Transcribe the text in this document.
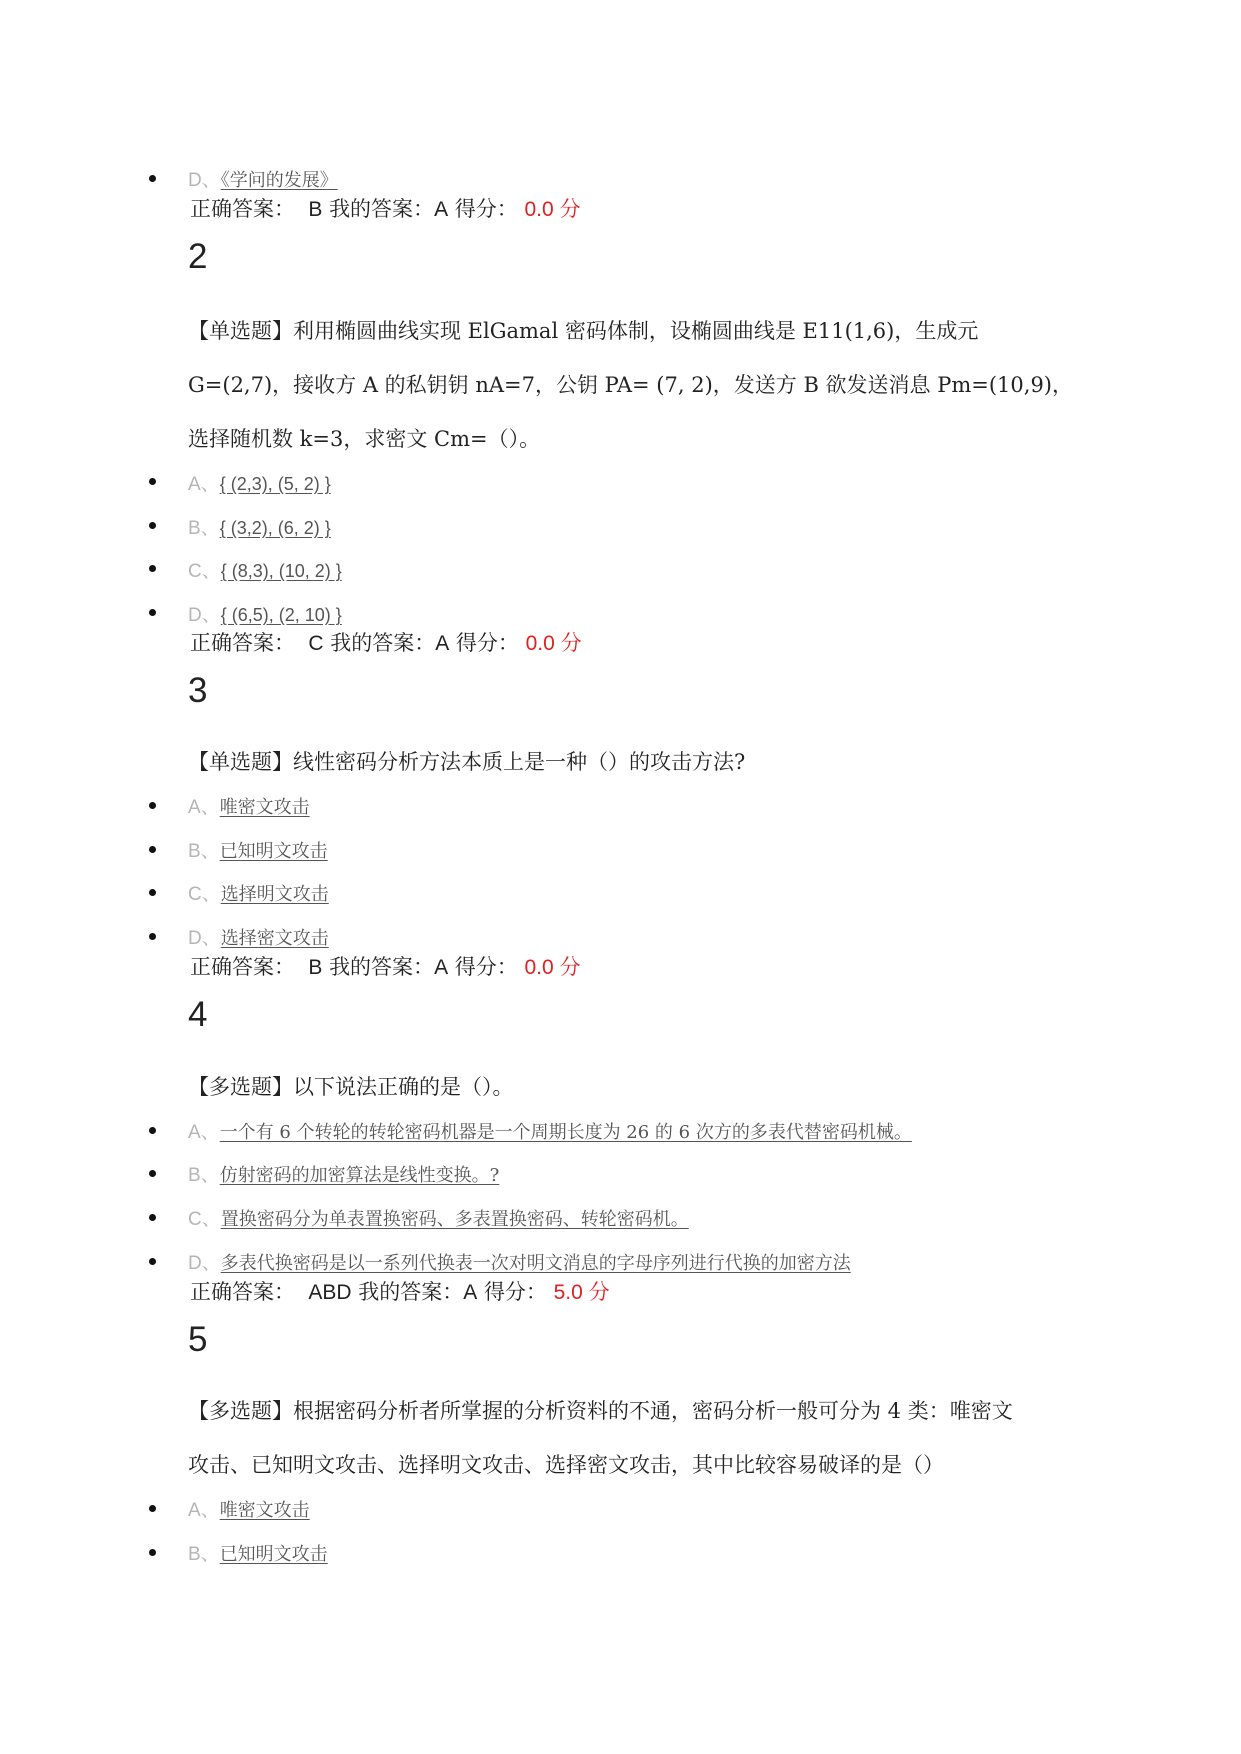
D、《学问的发展》
正确答案： B 我的答案：A 得分： 0.0 分
2
【单选题】利用椭圆曲线实现 ElGamal 密码体制，设椭圆曲线是 E11(1,6)，生成元
G=(2,7)，接收方 A 的私钥钥 nA=7，公钥 PA= (7, 2)，发送方 B 欲发送消息 Pm=(10,9)，
选择随机数 k=3，求密文 Cm=（）。
A、{ (2,3), (5, 2) }
B、{ (3,2), (6, 2) }
C、{ (8,3), (10, 2) }
D、{ (6,5), (2, 10) }
正确答案： C 我的答案：A 得分： 0.0 分
3
【单选题】线性密码分析方法本质上是一种（）的攻击方法?
A、唯密文攻击
B、已知明文攻击
C、选择明文攻击
D、选择密文攻击
正确答案： B 我的答案：A 得分： 0.0 分
4
【多选题】以下说法正确的是（）。
A、一个有 6 个转轮的转轮密码机器是一个周期长度为 26 的 6 次方的多表代替密码机械。
B、仿射密码的加密算法是线性变换。?
C、置换密码分为单表置换密码、多表置换密码、转轮密码机。
D、多表代换密码是以一系列代换表一次对明文消息的字母序列进行代换的加密方法
正确答案： ABD 我的答案：A 得分： 5.0 分
5
【多选题】根据密码分析者所掌握的分析资料的不通，密码分析一般可分为 4 类：唯密文
攻击、已知明文攻击、选择明文攻击、选择密文攻击，其中比较容易破译的是（）
A、唯密文攻击
B、已知明文攻击
